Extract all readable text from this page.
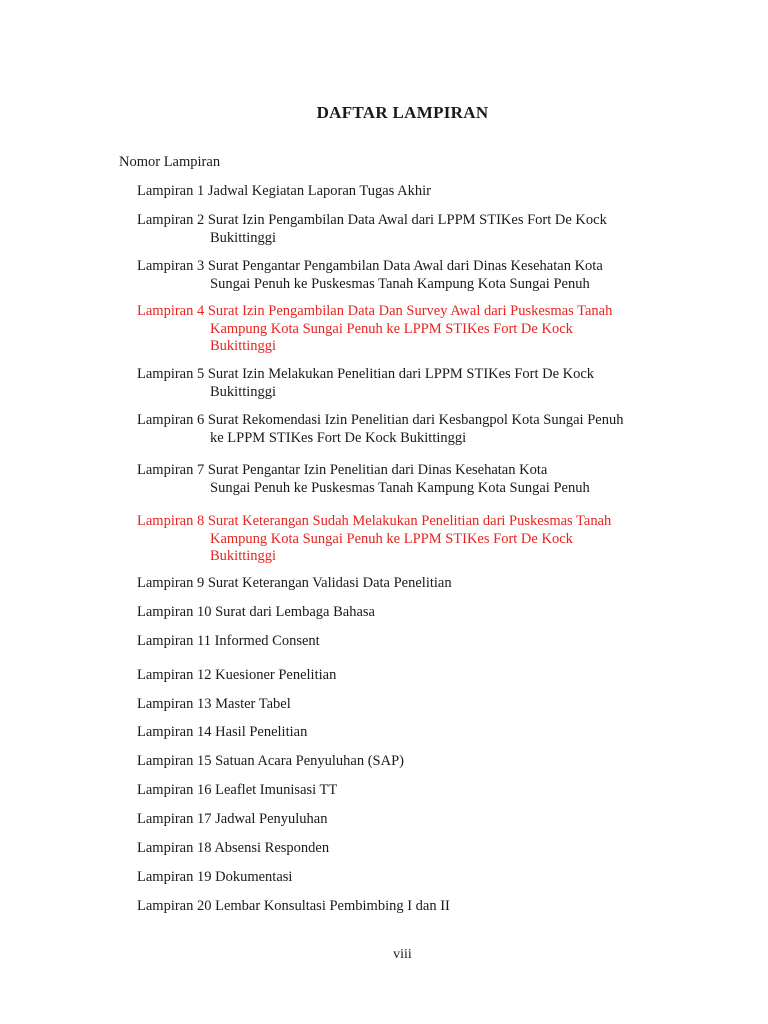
DAFTAR LAMPIRAN
Nomor Lampiran
Lampiran 1 Jadwal Kegiatan Laporan Tugas Akhir
Lampiran 2 Surat Izin Pengambilan Data Awal dari LPPM STIKes Fort De Kock
Bukittinggi
Lampiran 3 Surat Pengantar Pengambilan Data Awal dari Dinas Kesehatan Kota
Sungai Penuh ke Puskesmas Tanah Kampung Kota Sungai Penuh
Lampiran 4 Surat Izin Pengambilan Data Dan Survey Awal dari Puskesmas Tanah
Kampung Kota Sungai Penuh ke LPPM STIKes Fort De Kock
Bukittinggi
Lampiran 5 Surat Izin Melakukan Penelitian dari LPPM STIKes Fort De Kock
Bukittinggi
Lampiran 6 Surat Rekomendasi Izin Penelitian dari Kesbangpol Kota Sungai Penuh
ke LPPM STIKes Fort De Kock Bukittinggi
Lampiran 7 Surat Pengantar Izin Penelitian dari Dinas Kesehatan Kota
Sungai Penuh ke Puskesmas Tanah Kampung Kota Sungai Penuh
Lampiran 8 Surat Keterangan Sudah Melakukan Penelitian dari Puskesmas Tanah
Kampung Kota Sungai Penuh ke LPPM STIKes Fort De Kock
Bukittinggi
Lampiran 9 Surat Keterangan Validasi Data Penelitian
Lampiran 10 Surat dari Lembaga Bahasa
Lampiran 11 Informed Consent
Lampiran 12 Kuesioner Penelitian
Lampiran 13 Master Tabel
Lampiran 14 Hasil Penelitian
Lampiran 15 Satuan Acara Penyuluhan (SAP)
Lampiran 16 Leaflet Imunisasi TT
Lampiran 17 Jadwal Penyuluhan
Lampiran 18 Absensi Responden
Lampiran 19 Dokumentasi
Lampiran 20 Lembar Konsultasi Pembimbing I dan II
viii
